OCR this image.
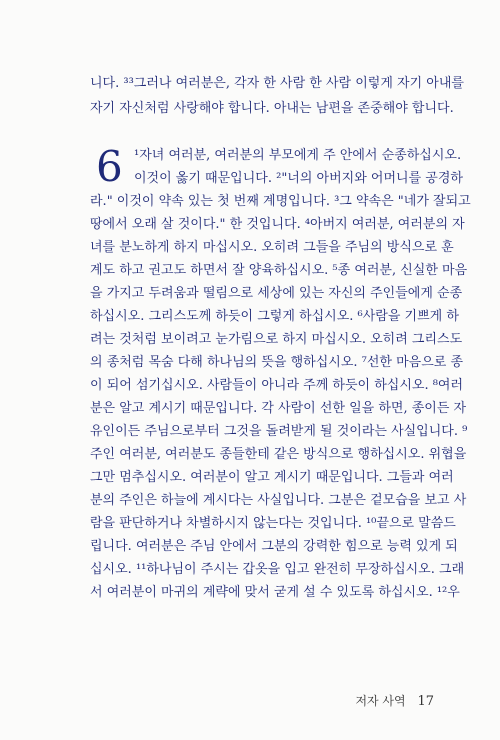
니다. ³³그러나 여러분은, 각자 한 사람 한 사람 이렇게 자기 아내를
자기 자신처럼 사랑해야 합니다. 아내는 남편을 존중해야 합니다.
6 ¹자녀 여러분, 여러분의 부모에게 주 안에서 순종하십시오.
이것이 옳기 때문입니다. ²"너의 아버지와 어머니를 공경하
라." 이것이 약속 있는 첫 번째 계명입니다. ³그 약속은 "네가 잘되고
땅에서 오래 살 것이다." 한 것입니다. ⁴아버지 여러분, 여러분의 자
녀를 분노하게 하지 마십시오. 오히려 그들을 주님의 방식으로 훈
계도 하고 권고도 하면서 잘 양육하십시오. ⁵종 여러분, 신실한 마음
을 가지고 두려움과 떨림으로 세상에 있는 자신의 주인들에게 순종
하십시오. 그리스도께 하듯이 그렇게 하십시오. ⁶사람을 기쁘게 하
려는 것처럼 보이려고 눈가림으로 하지 마십시오. 오히려 그리스도
의 종처럼 목숨 다해 하나님의 뜻을 행하십시오. ⁷선한 마음으로 종
이 되어 섬기십시오. 사람들이 아니라 주께 하듯이 하십시오. ⁸여러
분은 알고 계시기 때문입니다. 각 사람이 선한 일을 하면, 종이든 자
유인이든 주님으로부터 그것을 돌려받게 될 것이라는 사실입니다. ⁹
주인 여러분, 여러분도 종들한테 같은 방식으로 행하십시오. 위협을
그만 멈추십시오. 여러분이 알고 계시기 때문입니다. 그들과 여러
분의 주인은 하늘에 계시다는 사실입니다. 그분은 겉모습을 보고 사
람을 판단하거나 차별하시지 않는다는 것입니다. ¹⁰끝으로 말씀드
립니다. 여러분은 주님 안에서 그분의 강력한 힘으로 능력 있게 되
십시오. ¹¹하나님이 주시는 갑옷을 입고 완전히 무장하십시오. 그래
서 여러분이 마귀의 계략에 맞서 굳게 설 수 있도록 하십시오. ¹²우
저자 사역 17
